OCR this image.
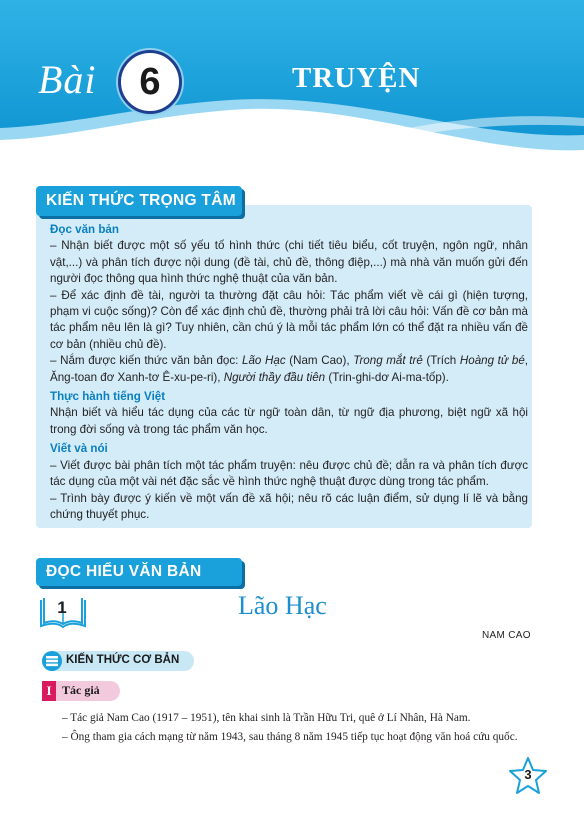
Bài 6	TRUYỆN
KIẾN THỨC TRỌNG TÂM
Đọc văn bản

– Nhận biết được một số yếu tố hình thức (chi tiết tiêu biểu, cốt truyện, ngôn ngữ, nhân vật,...) và phân tích được nội dung (đề tài, chủ đề, thông điệp,...) mà nhà văn muốn gửi đến người đọc thông qua hình thức nghệ thuật của văn bản.

– Để xác định đề tài, người ta thường đặt câu hỏi: Tác phẩm viết về cái gì (hiện tượng, phạm vi cuộc sống)? Còn để xác định chủ đề, thường phải trả lời câu hỏi: Vấn đề cơ bản mà tác phẩm nêu lên là gì? Tuy nhiên, cần chú ý là mỗi tác phẩm lớn có thể đặt ra nhiều vấn đề cơ bản (nhiều chủ đề).

– Nắm được kiến thức văn bản đọc: Lão Hạc (Nam Cao), Trong mắt trẻ (Trích Hoàng tử bé, Ăng-toan đơ Xanh-tơ Ê-xu-pe-ri), Người thầy đầu tiên (Trin-ghi-dơ Ai-ma-tốp).

Thực hành tiếng Việt

Nhận biết và hiểu tác dụng của các từ ngữ toàn dân, từ ngữ địa phương, biệt ngữ xã hội trong đời sống và trong tác phẩm văn học.

Viết và nói

– Viết được bài phân tích một tác phẩm truyện: nêu được chủ đề; dẫn ra và phân tích được tác dụng của một vài nét đặc sắc về hình thức nghệ thuật được dùng trong tác phẩm.

– Trình bày được ý kiến về một vấn đề xã hội; nêu rõ các luận điểm, sử dụng lí lẽ và bằng chứng thuyết phục.

ĐỌC HIỂU VĂN BẢN
1	Lão Hạc
NAM CAO
KIẾN THỨC CƠ BẢN
I Tác giả

– Tác giả Nam Cao (1917 – 1951), tên khai sinh là Trần Hữu Tri, quê ở Lí Nhân, Hà Nam.

– Ông tham gia cách mạng từ năm 1943, sau tháng 8 năm 1945 tiếp tục hoạt động văn hoá cứu quốc.

3
